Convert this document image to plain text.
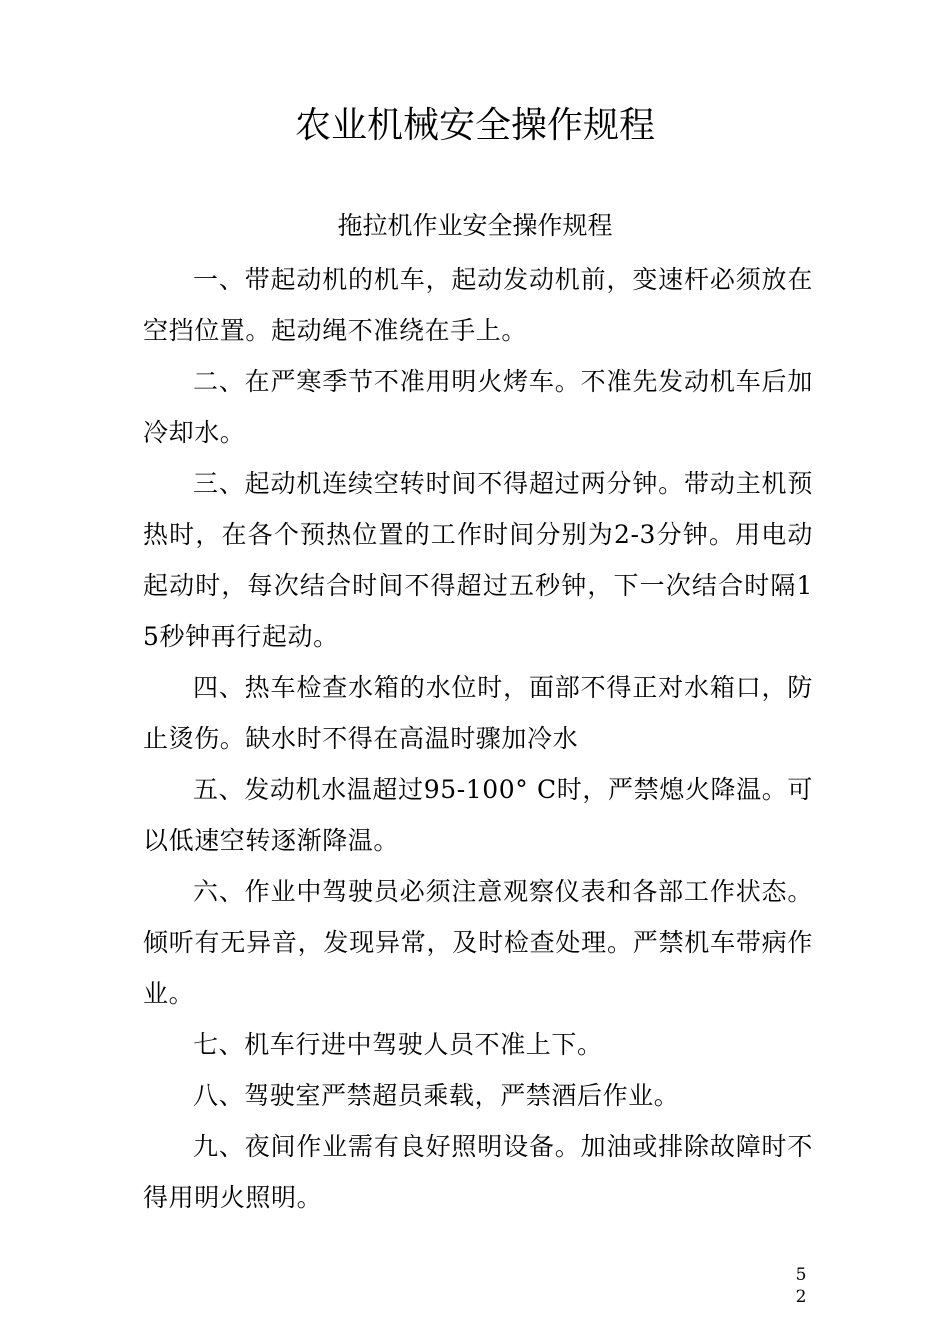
农业机械安全操作规程
拖拉机作业安全操作规程

一、带起动机的机车，起动发动机前，变速杆必须放在空挡位置。起动绳不准绕在手上。

二、在严寒季节不准用明火烤车。不准先发动机车后加冷却水。

三、起动机连续空转时间不得超过两分钟。带动主机预热时，在各个预热位置的工作时间分别为2-3分钟。用电动起动时，每次结合时间不得超过五秒钟，下一次结合时隔15秒钟再行起动。

四、热车检查水箱的水位时，面部不得正对水箱口，防止烫伤。缺水时不得在高温时骤加冷水

五、发动机水温超过95-100° C时，严禁熄火降温。可以低速空转逐渐降温。

六、作业中驾驶员必须注意观察仪表和各部工作状态。倾听有无异音，发现异常，及时检查处理。严禁机车带病作业。

七、机车行进中驾驶人员不准上下。

八、驾驶室严禁超员乘载，严禁酒后作业。

九、夜间作业需有良好照明设备。加油或排除故障时不得用明火照明。

5
2
